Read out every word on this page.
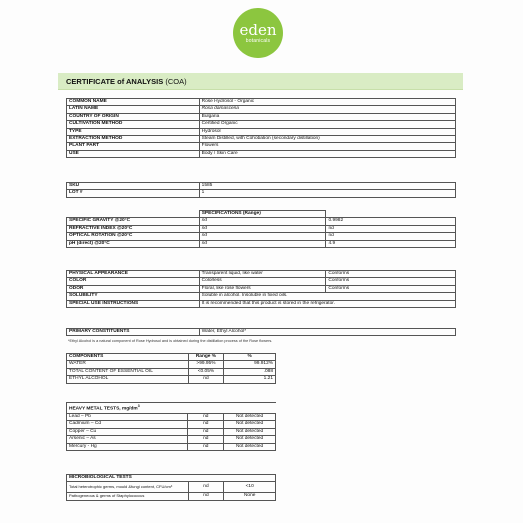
eden
botanicals
CERTIFICATE of ANALYSIS (COA)
COMMON NAME	Rose Hydrosol - Organic
LATIN NAME	Rosa damascena
COUNTRY OF ORIGIN	Bulgaria
CULTIVATION METHOD	Certified Organic
TYPE	Hydrosol
EXTRACTION METHOD	Steam Distilled, with Cohobation (secondary distillation)
PLANT PART	Flowers
USE	Body / Skin Care
SKU	1585
LOT #	1
	SPECIFICATIONS (Range)	
SPECIFIC GRAVITY @20°C	nd	0.9982
REFRACTIVE INDEX @20°C	nd	nd
OPTICAL ROTATION @20°C	nd	nd
pH (direct) @20°C	nd	4.9
PHYSICAL APPEARANCE	Transparent liquid, like water	Conforms
COLOR	Colorless	Conforms
ODOR	Floral, like rose flowers	Conforms
SOLUBILITY	Soluble in alcohol. Insoluble in fixed oils.	
SPECIAL USE INSTRUCTIONS	It is recommended that this product is stored in the refrigerator.	
PRIMARY CONSTITUENTS	Water, Ethyl Alcohol*
*Ethyl Alcohol is a natural component of Rose Hydrosol and is obtained during the distillation process of the Rose flowers.
COMPONENTS	Range %	%
WATER	>99.95%	99.912%
TOTAL CONTENT OF ESSENTIAL OIL	<0.05%	.088
ETHYL ALCOHOL	nd	1.21
HEAVY METAL TESTS, $mg/dm^3$
Lead – Pb	nd	Not detected
Cadmium – Cd	nd	Not detected
Copper – Cu	nd	Not detected
Arsenic – As	nd	Not detected
Mercury - Hg	nd	Not detected
MICROBIOLOGICAL TESTS		
Total heterotrophic germs, mould &fungi content, CFU/cm³	nd	<10
Pathogeneous & germs of Staphylococcus	nd	None
